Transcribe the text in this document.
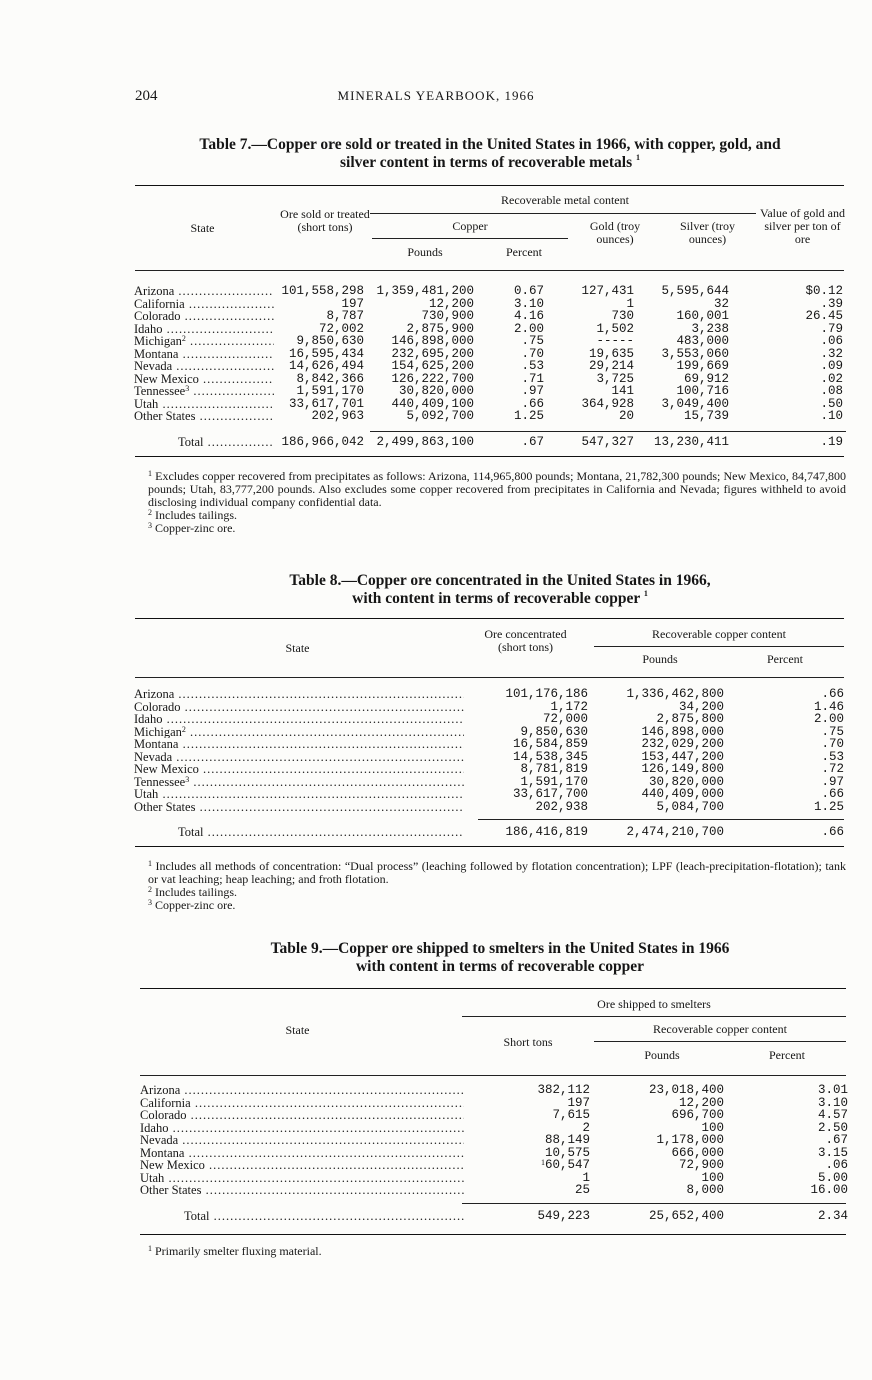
204	MINERALS YEARBOOK, 1966
Table 7.—Copper ore sold or treated in the United States in 1966, with copper, gold, and
silver content in terms of recoverable metals $^1$
Recoverable metal content
State
Ore sold or treated (short tons)	Copper
Pounds	Percent
Gold (troy ounces)
Silver (troy ounces)
Value of gold and silver per ton of ore
Arizona .....	101,558,298	1,359,481,200	0.67	127,431	5,595,644	$0.12
California .....	197	12,200	3.10	1	32	.39
Colorado .....	8,787	730,900	4.16	730	160,001	26.45
Idaho .....	72,002	2,875,900	2.00	1,502	3,238	.79
Michigan$^2$ .....	9,850,630	146,898,000	.75	-----	483,000	.06
Montana .....	16,595,434	232,695,200	.70	19,635	3,553,060	.32
Nevada .....	14,626,494	154,625,200	.53	29,214	199,669	.09
New Mexico .....	8,842,366	126,222,700	.71	3,725	69,912	.02
Tennessee$^3$ .....	1,591,170	30,820,000	.97	141	100,716	.08
Utah .....	33,617,701	440,409,100	.66	364,928	3,049,400	.50
Other States .....	202,963	5,092,700	1.25	20	15,739	.10
Total .....	186,966,042	2,499,863,100	.67	547,327	13,230,411	.19

$^1$ Excludes copper recovered from precipitates as follows: Arizona, 114,965,800 pounds; Montana, 21,782,300 pounds; New Mexico, 84,747,800 pounds; Utah, 83,777,200 pounds. Also excludes some copper recovered from precipitates in California and Nevada; figures withheld to avoid disclosing individual company confidential data.

$^2$ Includes tailings.

$^3$ Copper-zinc ore.

Table 8.—Copper ore concentrated in the United States in 1966,
with content in terms of recoverable copper $^1$
State
Ore concentrated (short tons)
Recoverable copper content
Pounds	Percent
Arizona .....	101,176,186	1,336,462,800	.66
Colorado .....	1,172	34,200	1.46
Idaho .....	72,000	2,875,800	2.00
Michigan$^2$ .....	9,850,630	146,898,000	.75
Montana .....	16,584,859	232,029,200	.70
Nevada .....	14,538,345	153,447,200	.53
New Mexico .....	8,781,819	126,149,800	.72
Tennessee$^3$ .....	1,591,170	30,820,000	.97
Utah .....	33,617,700	440,409,000	.66
Other States .....	202,938	5,084,700	1.25
Total .....	186,416,819	2,474,210,700	.66

$^1$ Includes all methods of concentration: “Dual process” (leaching followed by flotation concentration); LPF (leach-precipitation-flotation); tank or vat leaching; heap leaching; and froth flotation.

$^2$ Includes tailings.

$^3$ Copper-zinc ore.

Table 9.—Copper ore shipped to smelters in the United States in 1966
with content in terms of recoverable copper
Ore shipped to smelters
State
Short tons
Recoverable copper content
Pounds	Percent
Arizona .....	382,112	23,018,400	3.01
California .....	197	12,200	3.10
Colorado .....	7,615	696,700	4.57
Idaho .....	2	100	2.50
Nevada .....	88,149	1,178,000	.67
Montana .....	10,575	666,000	3.15
New Mexico .....	$^1$60,547	72,900	.06
Utah .....	1	100	5.00
Other States .....	25	8,000	16.00
Total .....	549,223	25,652,400	2.34

$^1$ Primarily smelter fluxing material.
